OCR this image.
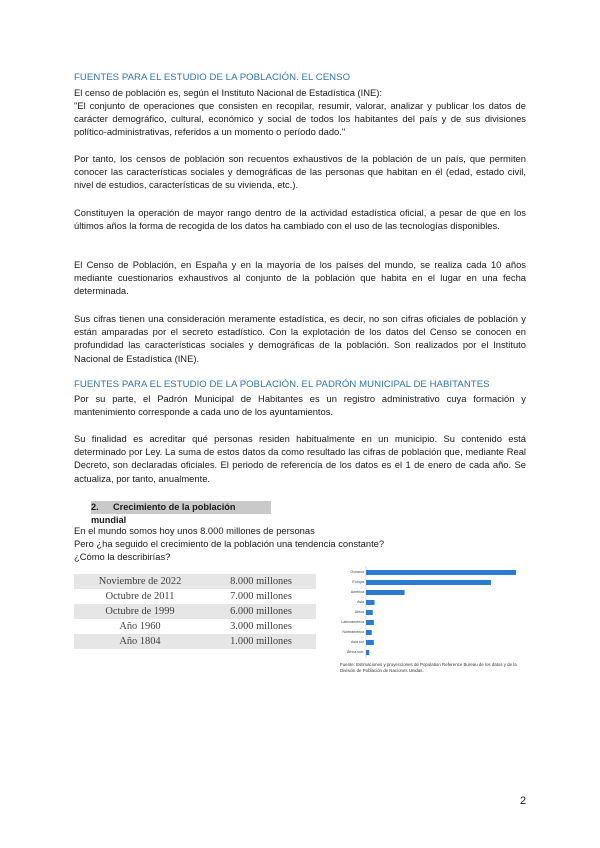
FUENTES PARA EL ESTUDIO DE LA POBLACIÓN. EL CENSO

El censo de población es, según el Instituto Nacional de Estadística (INE):

"El conjunto de operaciones que consisten en recopilar, resumir, valorar, analizar y publicar los datos de carácter demográfico, cultural, económico y social de todos los habitantes del país y de sus divisiones político-administrativas, referidos a un momento o período dado."

Por tanto, los censos de población son recuentos exhaustivos de la población de un país, que permiten conocer las características sociales y demográficas de las personas que habitan en él (edad, estado civil, nivel de estudios, características de su vivienda, etc.).

Constituyen la operación de mayor rango dentro de la actividad estadística oficial, a pesar de que en los últimos años la forma de recogida de los datos ha cambiado con el uso de las tecnologías disponibles.

El Censo de Población, en España y en la mayoría de los países del mundo, se realiza cada 10 años mediante cuestionarios exhaustivos al conjunto de la población que habita en el lugar en una fecha determinada.

Sus cifras tienen una consideración meramente estadística, es decir, no son cifras oficiales de población y están amparadas por el secreto estadístico. Con la explotación de los datos del Censo se conocen en profundidad las características sociales y demográficas de la población. Son realizados por el Instituto Nacional de Estadística (INE).

FUENTES PARA EL ESTUDIO DE LA POBLACIÓN. EL PADRÓN MUNICIPAL DE HABITANTES

Por su parte, el Padrón Municipal de Habitantes es un registro administrativo cuya formación y mantenimiento corresponde a cada uno de los ayuntamientos.

Su finalidad es acreditar qué personas residen habitualmente en un municipio. Su contenido está determinado por Ley. La suma de estos datos da como resultado las cifras de población que, mediante Real Decreto, son declaradas oficiales. El periodo de referencia de los datos es el 1 de enero de cada año. Se actualiza, por tanto, anualmente.

2. Crecimiento de la población mundial

En el mundo somos hoy unos 8.000 millones de personas

Pero ¿ha seguido el crecimiento de la población una tendencia constante?

¿Cómo la describirías?

Noviembre de 2022	8.000 millones
Octubre de 2011	7.000 millones
Octubre de 1999	6.000 millones
Año 1960	3.000 millones
Año 1804	1.000 millones
Oceanía
Europa
América
Asia
Africa
Latinoamérica
Norteamérica
Asia sur
África sub.
Fuente: Estimaciones y proyecciones de Population Reference Bureau de los datos y de la División de Población de Naciones Unidas.
2
